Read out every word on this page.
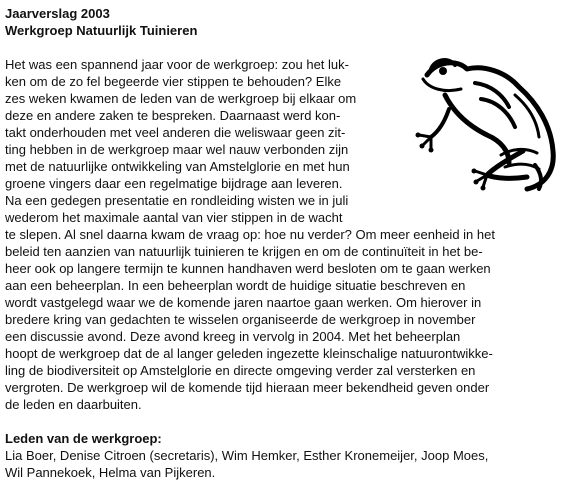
Jaarverslag 2003
Werkgroep Natuurlijk Tuinieren
Het was een spannend jaar voor de werkgroep: zou het luk-
ken om de zo fel begeerde vier stippen te behouden? Elke
zes weken kwamen de leden van de werkgroep bij elkaar om
deze en andere zaken te bespreken. Daarnaast werd kon-
takt onderhouden met veel anderen die weliswaar geen zit-
ting hebben in de werkgroep maar wel nauw verbonden zijn
met de natuurlijke ontwikkeling van Amstelglorie en met hun
groene vingers daar een regelmatige bijdrage aan leveren.
Na een gedegen presentatie en rondleiding wisten we in juli
wederom het maximale aantal van vier stippen in de wacht
te slepen. Al snel daarna kwam de vraag op: hoe nu verder? Om meer eenheid in het
beleid ten aanzien van natuurlijk tuinieren te krijgen en om de continuïteit in het be-
heer ook op langere termijn te kunnen handhaven werd besloten om te gaan werken
aan een beheerplan. In een beheerplan wordt de huidige situatie beschreven en
wordt vastgelegd waar we de komende jaren naartoe gaan werken. Om hierover in
bredere kring van gedachten te wisselen organiseerde de werkgroep in november
een discussie avond. Deze avond kreeg in vervolg in 2004. Met het beheerplan
hoopt de werkgroep dat de al langer geleden ingezette kleinschalige natuurontwikke-
ling de biodiversiteit op Amstelglorie en directe omgeving verder zal versterken en
vergroten. De werkgroep wil de komende tijd hieraan meer bekendheid geven onder
de leden en daarbuiten.
Leden van de werkgroep:
Lia Boer, Denise Citroen (secretaris), Wim Hemker, Esther Kronemeijer, Joop Moes,
Wil Pannekoek, Helma van Pijkeren.
